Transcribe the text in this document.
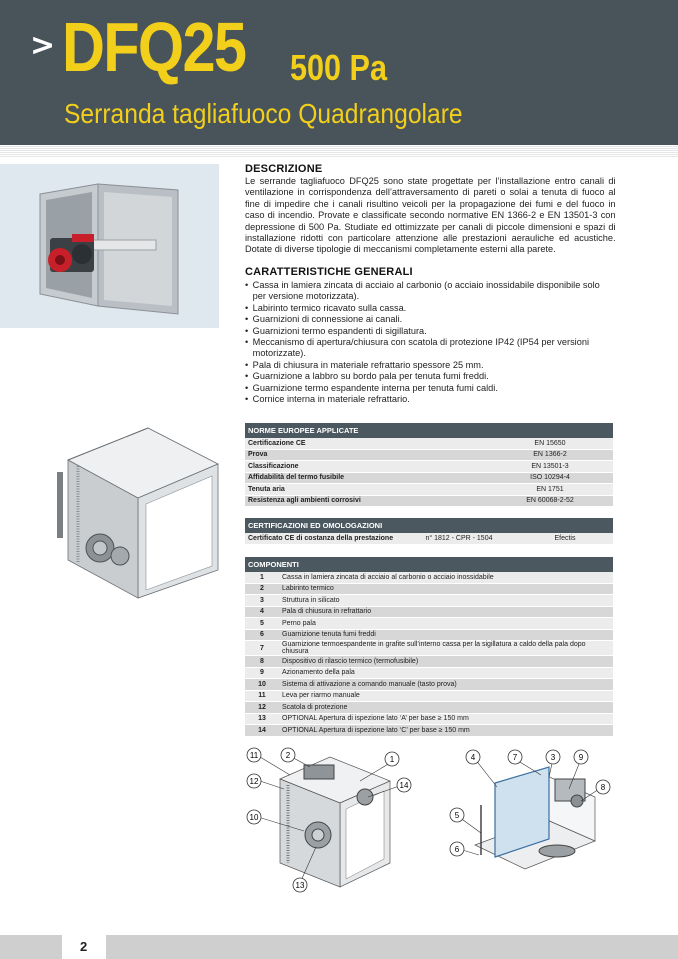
> DFQ25 500 Pa
Serranda tagliafuoco Quadrangolare

DESCRIZIONE

Le serrande tagliafuoco DFQ25 sono state progettate per l’installazione entro canali di ventilazione in corrispondenza dell’attraversamento di pareti o solai a tenuta di fuoco al fine di impedire che i canali risultino veicoli per la propagazione dei fumi e del fuoco in caso di incendio. Provate e classificate secondo normative EN 1366-2 e EN 13501-3 con depressione di 500 Pa. Studiate ed ottimizzate per canali di piccole dimensioni e spazi di installazione ridotti con particolare attenzione alle prestazioni aerauliche ed acustiche. Dotate di diverse tipologie di meccanismi completamente esterni alla parete.

CARATTERISTICHE GENERALI

• Cassa in lamiera zincata di acciaio al carbonio (o acciaio inossidabile disponibile solo per versione motorizzata).
• Labirinto termico ricavato sulla cassa.
• Guarnizioni di connessione ai canali.
• Guarnizioni termo espandenti di sigillatura.
• Meccanismo di apertura/chiusura con scatola di protezione IP42 (IP54 per versioni motorizzate).
• Pala di chiusura in materiale refrattario spessore 25 mm.
• Guarnizione a labbro su bordo pala per tenuta fumi freddi.
• Guarnizione termo espandente interna per tenuta fumi caldi.
• Cornice interna in materiale refrattario.
NORME EUROPEE APPLICATE	
Certificazione CE	EN 15650
Prova	EN 1366-2
Classificazione	EN 13501-3
Affidabilità del termo fusibile	ISO 10294-4
Tenuta aria	EN 1751
Resistenza agli ambienti corrosivi	EN 60068-2-52
CERTIFICAZIONI ED OMOLOGAZIONI
Certificato CE di costanza della prestazione	n° 1812 - CPR - 1504	Efectis
COMPONENTI	
1	Cassa in lamiera zincata di acciaio al carbonio o acciaio inossidabile
2	Labirinto termico
3	Struttura in silicato
4	Pala di chiusura in refrattario
5	Perno pala
6	Guarnizione tenuta fumi freddi
7	Guarnizione termoespandente in grafite sull’interno cassa per la sigillatura a caldo della pala dopo chiusura
8	Dispositivo di rilascio termico (termofusibile)
9	Azionamento della pala
10	Sistema di attivazione a comando manuale (tasto prova)
11	Leva per riarmo manuale
12	Scatola di protezione
13	OPTIONAL Apertura di ispezione lato ‘A’ per base ≥ 150 mm
14	OPTIONAL Apertura di ispezione lato ‘C’ per base ≥ 150 mm
11	2	1
12	14
10
13
4	7	3	9
8
5
6
2
